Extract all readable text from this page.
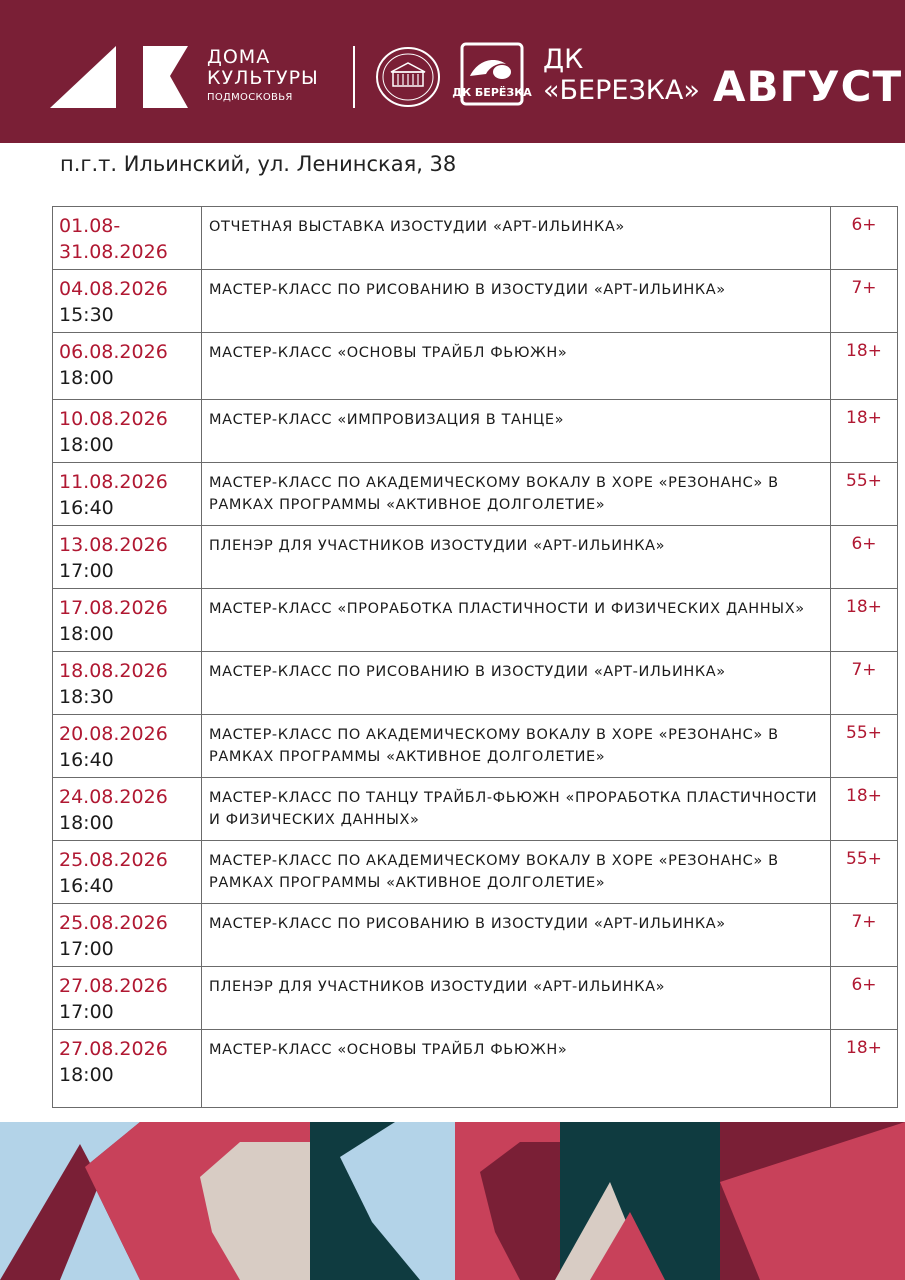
ДОМА
КУЛЬТУРЫ
ПОДМОСКОВЬЯ	ДК БЕРЁЗКА
ДК
«БЕРЕЗКА» АВГУСТ
п.г.т. Ильинский, ул. Ленинская, 38
01.08-
31.08.2026	ОТЧЕТНАЯ ВЫСТАВКА ИЗОСТУДИИ «АРТ-ИЛЬИНКА»	6+

04.08.2026
15:30	МАСТЕР-КЛАСС ПО РИСОВАНИЮ В ИЗОСТУДИИ «АРТ-ИЛЬИНКА»	7+

06.08.2026
18:00	МАСТЕР-КЛАСС «ОСНОВЫ ТРАЙБЛ ФЬЮЖН»	18+

10.08.2026
18:00	МАСТЕР-КЛАСС «ИМПРОВИЗАЦИЯ В ТАНЦЕ»	18+

11.08.2026
16:40	МАСТЕР-КЛАСС ПО АКАДЕМИЧЕСКОМУ ВОКАЛУ В ХОРЕ «РЕЗОНАНС» В РАМКАХ ПРОГРАММЫ «АКТИВНОЕ ДОЛГОЛЕТИЕ»	55+

13.08.2026
17:00	ПЛЕНЭР ДЛЯ УЧАСТНИКОВ ИЗОСТУДИИ «АРТ-ИЛЬИНКА»	6+

17.08.2026
18:00	МАСТЕР-КЛАСС «ПРОРАБОТКА ПЛАСТИЧНОСТИ И ФИЗИЧЕСКИХ ДАННЫХ»	18+

18.08.2026
18:30	МАСТЕР-КЛАСС ПО РИСОВАНИЮ В ИЗОСТУДИИ «АРТ-ИЛЬИНКА»	7+

20.08.2026
16:40	МАСТЕР-КЛАСС ПО АКАДЕМИЧЕСКОМУ ВОКАЛУ В ХОРЕ «РЕЗОНАНС» В РАМКАХ ПРОГРАММЫ «АКТИВНОЕ ДОЛГОЛЕТИЕ»	55+

24.08.2026
18:00	МАСТЕР-КЛАСС ПО ТАНЦУ ТРАЙБЛ-ФЬЮЖН «ПРОРАБОТКА ПЛАСТИЧНОСТИ И ФИЗИЧЕСКИХ ДАННЫХ»	18+

25.08.2026
16:40	МАСТЕР-КЛАСС ПО АКАДЕМИЧЕСКОМУ ВОКАЛУ В ХОРЕ «РЕЗОНАНС» В РАМКАХ ПРОГРАММЫ «АКТИВНОЕ ДОЛГОЛЕТИЕ»	55+

25.08.2026
17:00	МАСТЕР-КЛАСС ПО РИСОВАНИЮ В ИЗОСТУДИИ «АРТ-ИЛЬИНКА»	7+

27.08.2026
17:00	ПЛЕНЭР ДЛЯ УЧАСТНИКОВ ИЗОСТУДИИ «АРТ-ИЛЬИНКА»	6+

27.08.2026
18:00	МАСТЕР-КЛАСС «ОСНОВЫ ТРАЙБЛ ФЬЮЖН»	18+
